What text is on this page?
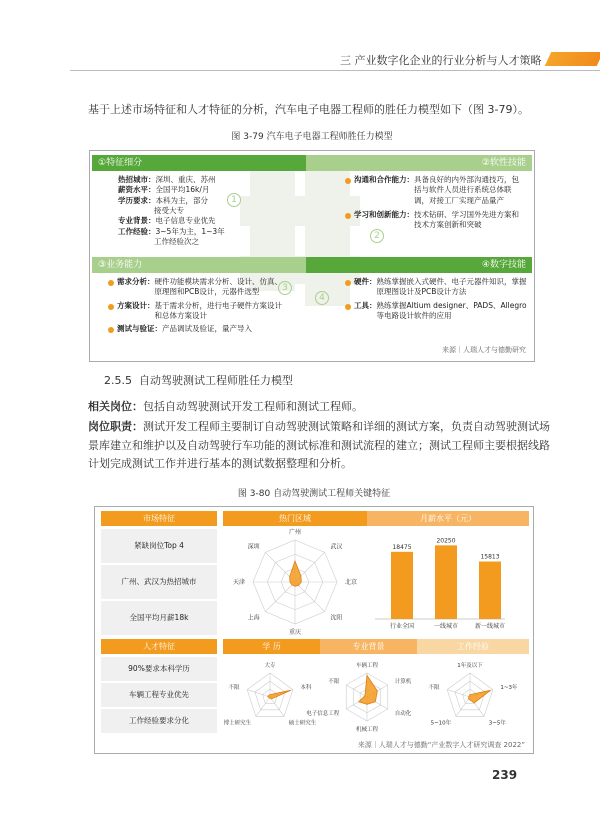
三 产业数字化企业的行业分析与人才策略
基于上述市场特征和人才特征的分析，汽车电子电器工程师的胜任力模型如下（图 3-79）。
图 3-79 汽车电子电器工程师胜任力模型
①特征细分	②软性技能
③业务能力	④数字技能
热招城市：深圳、重庆、苏州
薪资水平：全国平均16k/月
学历要求：本科为主，部分
接受大专
专业背景：电子信息专业优先
工作经验：3~5年为主，1~3年
工作经验次之
沟通和合作能力： 具备良好的内外部沟通技巧，包括与软件人员进行系统总体联调，对接工厂实现产品量产
学习和创新能力： 技术钻研、学习国外先进方案和技术方案创新和突破
需求分析： 硬件功能模块需求分析、设计、仿真、原理图和PCB设计，元器件选型
方案设计： 基于需求分析，进行电子硬件方案设计和总体方案设计
测试与验证： 产品调试及验证，量产导入
硬件： 熟练掌握嵌入式硬件、电子元器件知识，掌握原理图设计及PCB设计方法
工具： 熟练掌握Altium designer、PADS、Allegro等电路设计软件的应用
1
2
3
4
来源｜人瑞人才与德勤研究
2.5.5 自动驾驶测试工程师胜任力模型
相关岗位：包括自动驾驶测试开发工程师和测试工程师。
岗位职责：测试开发工程师主要制订自动驾驶测试策略和详细的测试方案，负责自动驾驶测试场景库建立和维护以及自动驾驶行车功能的测试标准和测试流程的建立；测试工程师主要根据线路计划完成测试工作并进行基本的测试数据整理和分析。
图 3-80 自动驾驶测试工程师关键特征
市场特征	热门区域	月薪水平（元）
紧缺岗位Top 4
广州、武汉为热招城市
全国平均月薪18k
人才特征	学 历	专业背景	工作经验
90%要求本科学历
车辆工程专业优先
工作经验要求分化
广州
武汉
北京
沈阳
重庆
上海
天津
深圳	18475
行业全国
20250
一线城市
15813
新一线城市
大专
本科
硕士研究生
博士研究生
不限
车辆工程
计算机
自动化
机械工程
电子信息工程
不限
1年及以下
1~3年
3~5年
5~10年
不限
来源｜人瑞人才与德勤“产业数字人才研究调查 2022”
239
